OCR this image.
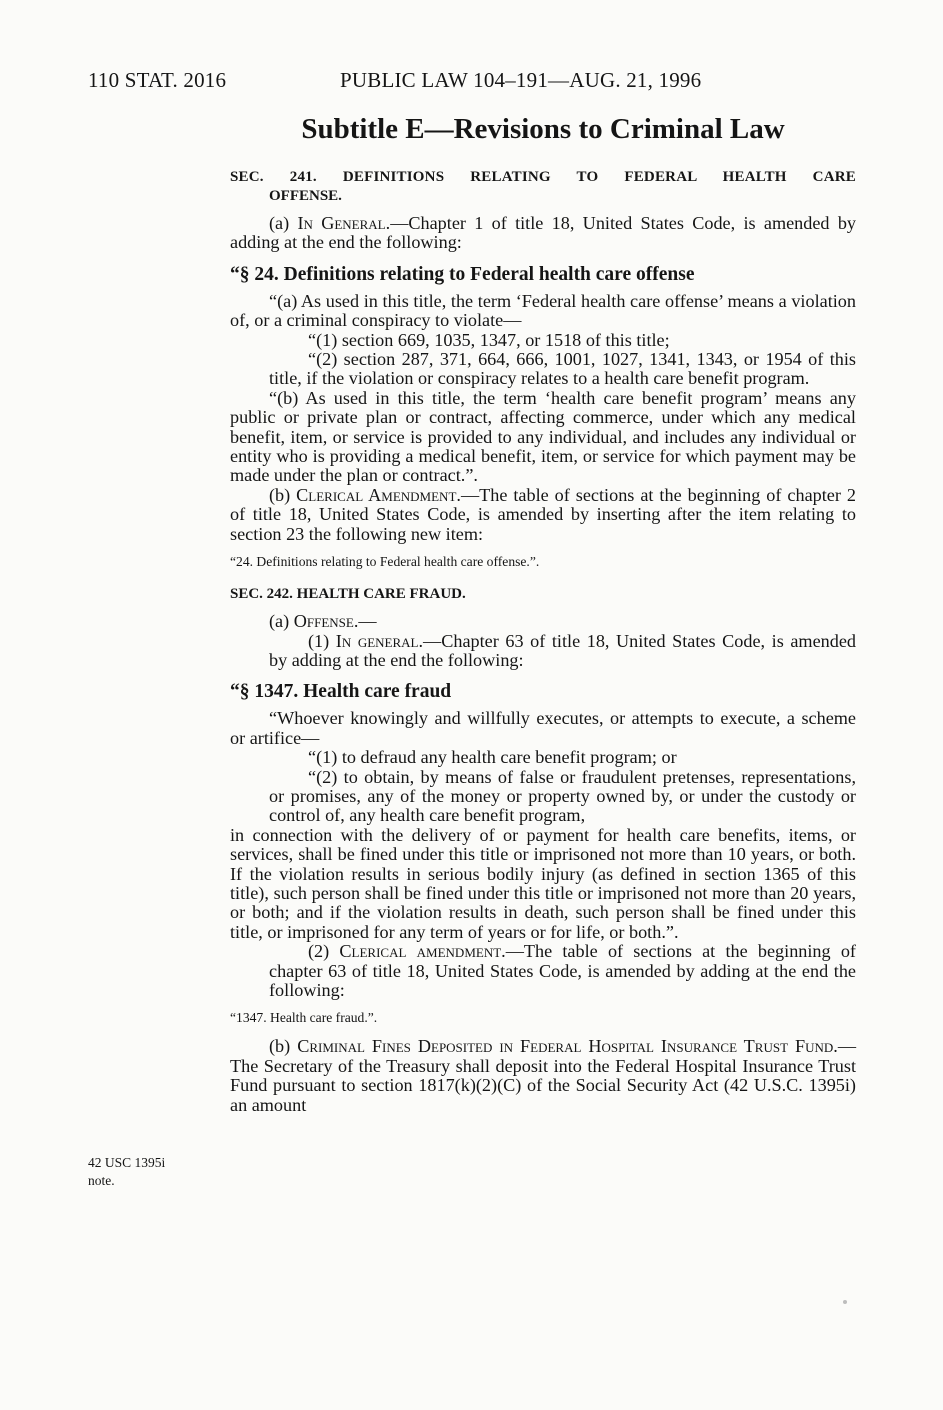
110 STAT. 2016	PUBLIC LAW 104–191—AUG. 21, 1996
Subtitle E—Revisions to Criminal Law

SEC. 241. DEFINITIONS RELATING TO FEDERAL HEALTH CARE

OFFENSE.

(a) In General.—Chapter 1 of title 18, United States Code, is amended by adding at the end the following:

“§ 24. Definitions relating to Federal health care offense

“(a) As used in this title, the term ‘Federal health care offense’ means a violation of, or a criminal conspiracy to violate—

“(1) section 669, 1035, 1347, or 1518 of this title;

“(2) section 287, 371, 664, 666, 1001, 1027, 1341, 1343, or 1954 of this title, if the violation or conspiracy relates to a health care benefit program.

“(b) As used in this title, the term ‘health care benefit program’ means any public or private plan or contract, affecting commerce, under which any medical benefit, item, or service is provided to any individual, and includes any individual or entity who is providing a medical benefit, item, or service for which payment may be made under the plan or contract.”.

(b) Clerical Amendment.—The table of sections at the beginning of chapter 2 of title 18, United States Code, is amended by inserting after the item relating to section 23 the following new item:

“24. Definitions relating to Federal health care offense.”.

SEC. 242. HEALTH CARE FRAUD.

(a) Offense.—

(1) In general.—Chapter 63 of title 18, United States Code, is amended by adding at the end the following:

“§ 1347. Health care fraud

“Whoever knowingly and willfully executes, or attempts to execute, a scheme or artifice—

“(1) to defraud any health care benefit program; or

“(2) to obtain, by means of false or fraudulent pretenses, representations, or promises, any of the money or property owned by, or under the custody or control of, any health care benefit program,

in connection with the delivery of or payment for health care benefits, items, or services, shall be fined under this title or imprisoned not more than 10 years, or both. If the violation results in serious bodily injury (as defined in section 1365 of this title), such person shall be fined under this title or imprisoned not more than 20 years, or both; and if the violation results in death, such person shall be fined under this title, or imprisoned for any term of years or for life, or both.”.

(2) Clerical amendment.—The table of sections at the beginning of chapter 63 of title 18, United States Code, is amended by adding at the end the following:

“1347. Health care fraud.”.

(b) Criminal Fines Deposited in Federal Hospital Insurance Trust Fund.—The Secretary of the Treasury shall deposit into the Federal Hospital Insurance Trust Fund pursuant to section 1817(k)(2)(C) of the Social Security Act (42 U.S.C. 1395i) an amount

42 USC 1395i
note.
